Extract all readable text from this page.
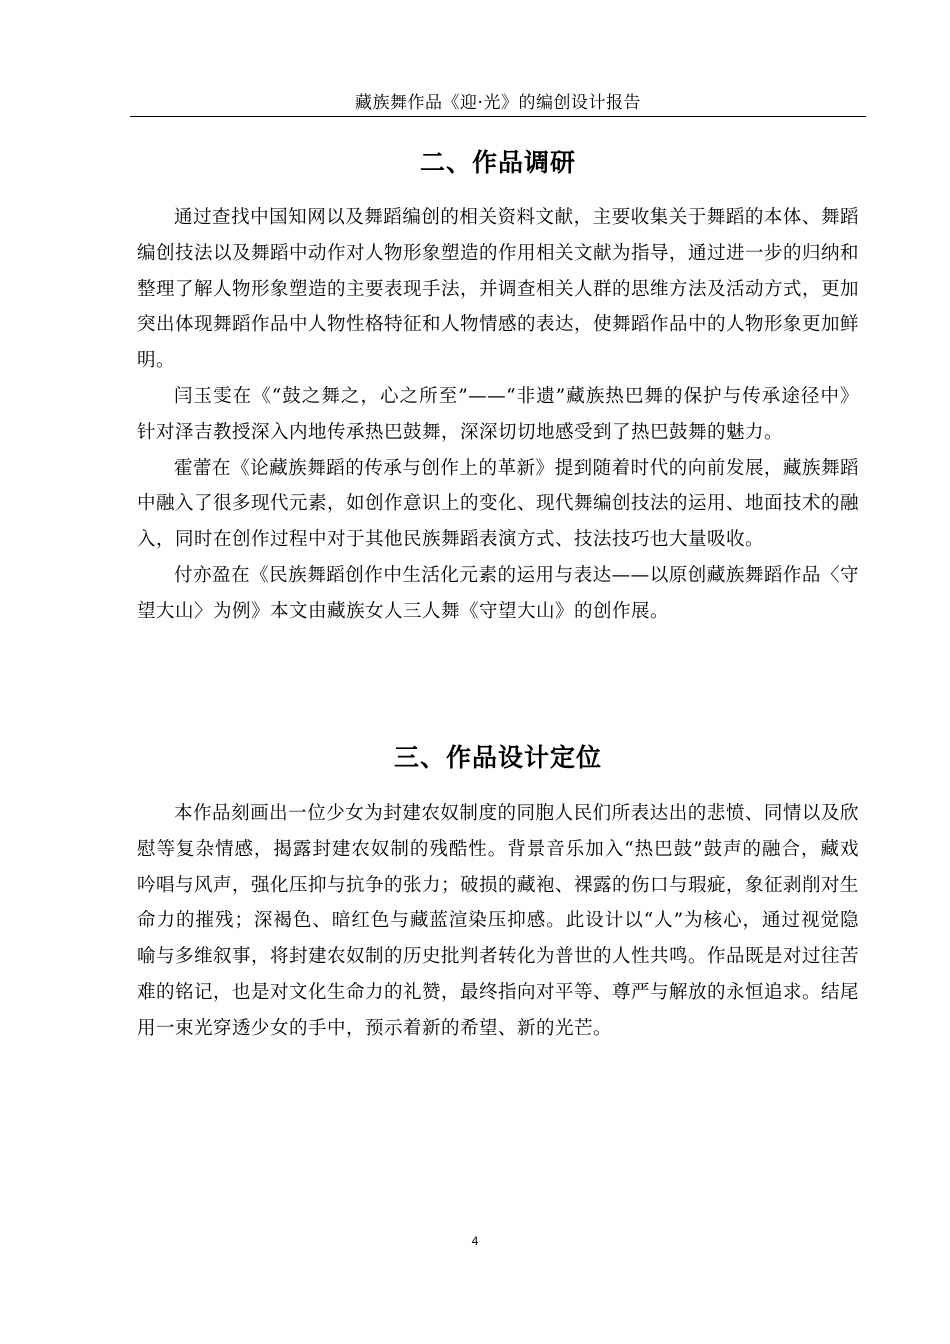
藏族舞作品《迎·光》的编创设计报告
二、作品调研

通过查找中国知网以及舞蹈编创的相关资料文献，主要收集关于舞蹈的本体、舞蹈编创技法以及舞蹈中动作对人物形象塑造的作用相关文献为指导，通过进一步的归纳和整理了解人物形象塑造的主要表现手法，并调查相关人群的思维方法及活动方式，更加突出体现舞蹈作品中人物性格特征和人物情感的表达，使舞蹈作品中的人物形象更加鲜明。

闫玉雯在《“鼓之舞之，心之所至”——“非遗”藏族热巴舞的保护与传承途径中》针对泽吉教授深入内地传承热巴鼓舞，深深切切地感受到了热巴鼓舞的魅力。

霍蕾在《论藏族舞蹈的传承与创作上的革新》提到随着时代的向前发展，藏族舞蹈中融入了很多现代元素，如创作意识上的变化、现代舞编创技法的运用、地面技术的融入，同时在创作过程中对于其他民族舞蹈表演方式、技法技巧也大量吸收。

付亦盈在《民族舞蹈创作中生活化元素的运用与表达——以原创藏族舞蹈作品〈守望大山〉为例》本文由藏族女人三人舞《守望大山》的创作展。

三、作品设计定位

本作品刻画出一位少女为封建农奴制度的同胞人民们所表达出的悲愤、同情以及欣慰等复杂情感，揭露封建农奴制的残酷性。背景音乐加入“热巴鼓”鼓声的融合，藏戏吟唱与风声，强化压抑与抗争的张力；破损的藏袍、裸露的伤口与瑕疵，象征剥削对生命力的摧残；深褐色、暗红色与藏蓝渲染压抑感。此设计以“人”为核心，通过视觉隐喻与多维叙事，将封建农奴制的历史批判者转化为普世的人性共鸣。作品既是对过往苦难的铭记，也是对文化生命力的礼赞，最终指向对平等、尊严与解放的永恒追求。结尾用一束光穿透少女的手中，预示着新的希望、新的光芒。

4
